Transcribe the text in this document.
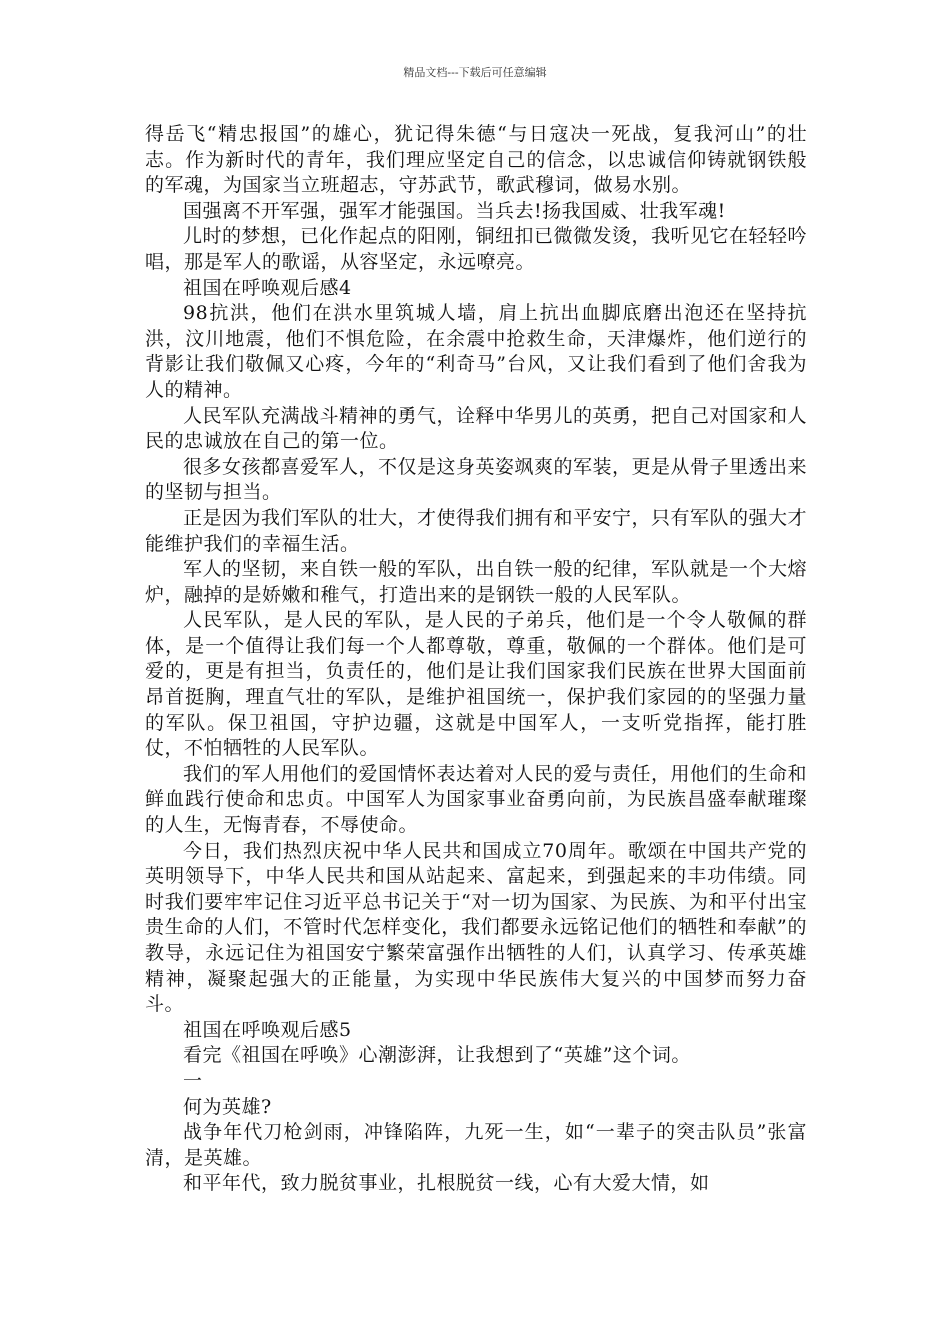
精品文档---下载后可任意编辑

得岳飞“精忠报国”的雄心，犹记得朱德“与日寇决一死战，复我河山”的壮志。作为新时代的青年，我们理应坚定自己的信念，以忠诚信仰铸就钢铁般的军魂，为国家当立班超志，守苏武节，歌武穆词，做易水别。

国强离不开军强，强军才能强国。当兵去!扬我国威、壮我军魂!

儿时的梦想，已化作起点的阳刚，铜纽扣已微微发烫，我听见它在轻轻吟唱，那是军人的歌谣，从容坚定，永远嘹亮。

祖国在呼唤观后感4

98抗洪，他们在洪水里筑城人墙，肩上抗出血脚底磨出泡还在坚持抗洪，汶川地震，他们不惧危险，在余震中抢救生命，天津爆炸，他们逆行的背影让我们敬佩又心疼，今年的“利奇马”台风，又让我们看到了他们舍我为人的精神。

人民军队充满战斗精神的勇气，诠释中华男儿的英勇，把自己对国家和人民的忠诚放在自己的第一位。

很多女孩都喜爱军人，不仅是这身英姿飒爽的军装，更是从骨子里透出来的坚韧与担当。

正是因为我们军队的壮大，才使得我们拥有和平安宁，只有军队的强大才能维护我们的幸福生活。

军人的坚韧，来自铁一般的军队，出自铁一般的纪律，军队就是一个大熔炉，融掉的是娇嫩和稚气，打造出来的是钢铁一般的人民军队。

人民军队，是人民的军队，是人民的子弟兵，他们是一个令人敬佩的群体，是一个值得让我们每一个人都尊敬，尊重，敬佩的一个群体。他们是可爱的，更是有担当，负责任的，他们是让我们国家我们民族在世界大国面前昂首挺胸，理直气壮的军队，是维护祖国统一，保护我们家园的的坚强力量的军队。保卫祖国，守护边疆，这就是中国军人，一支听党指挥，能打胜仗，不怕牺牲的人民军队。

我们的军人用他们的爱国情怀表达着对人民的爱与责任，用他们的生命和鲜血践行使命和忠贞。中国军人为国家事业奋勇向前，为民族昌盛奉献璀璨的人生，无悔青春，不辱使命。

今日，我们热烈庆祝中华人民共和国成立70周年。歌颂在中国共产党的英明领导下，中华人民共和国从站起来、富起来，到强起来的丰功伟绩。同时我们要牢牢记住习近平总书记关于“对一切为国家、为民族、为和平付出宝贵生命的人们，不管时代怎样变化，我们都要永远铭记他们的牺牲和奉献”的教导，永远记住为祖国安宁繁荣富强作出牺牲的人们，认真学习、传承英雄精神，凝聚起强大的正能量，为实现中华民族伟大复兴的中国梦而努力奋斗。

祖国在呼唤观后感5

看完《祖国在呼唤》心潮澎湃，让我想到了“英雄”这个词。

一

何为英雄?

战争年代刀枪剑雨，冲锋陷阵，九死一生，如“一辈子的突击队员”张富清，是英雄。

和平年代，致力脱贫事业，扎根脱贫一线，心有大爱大情，如
